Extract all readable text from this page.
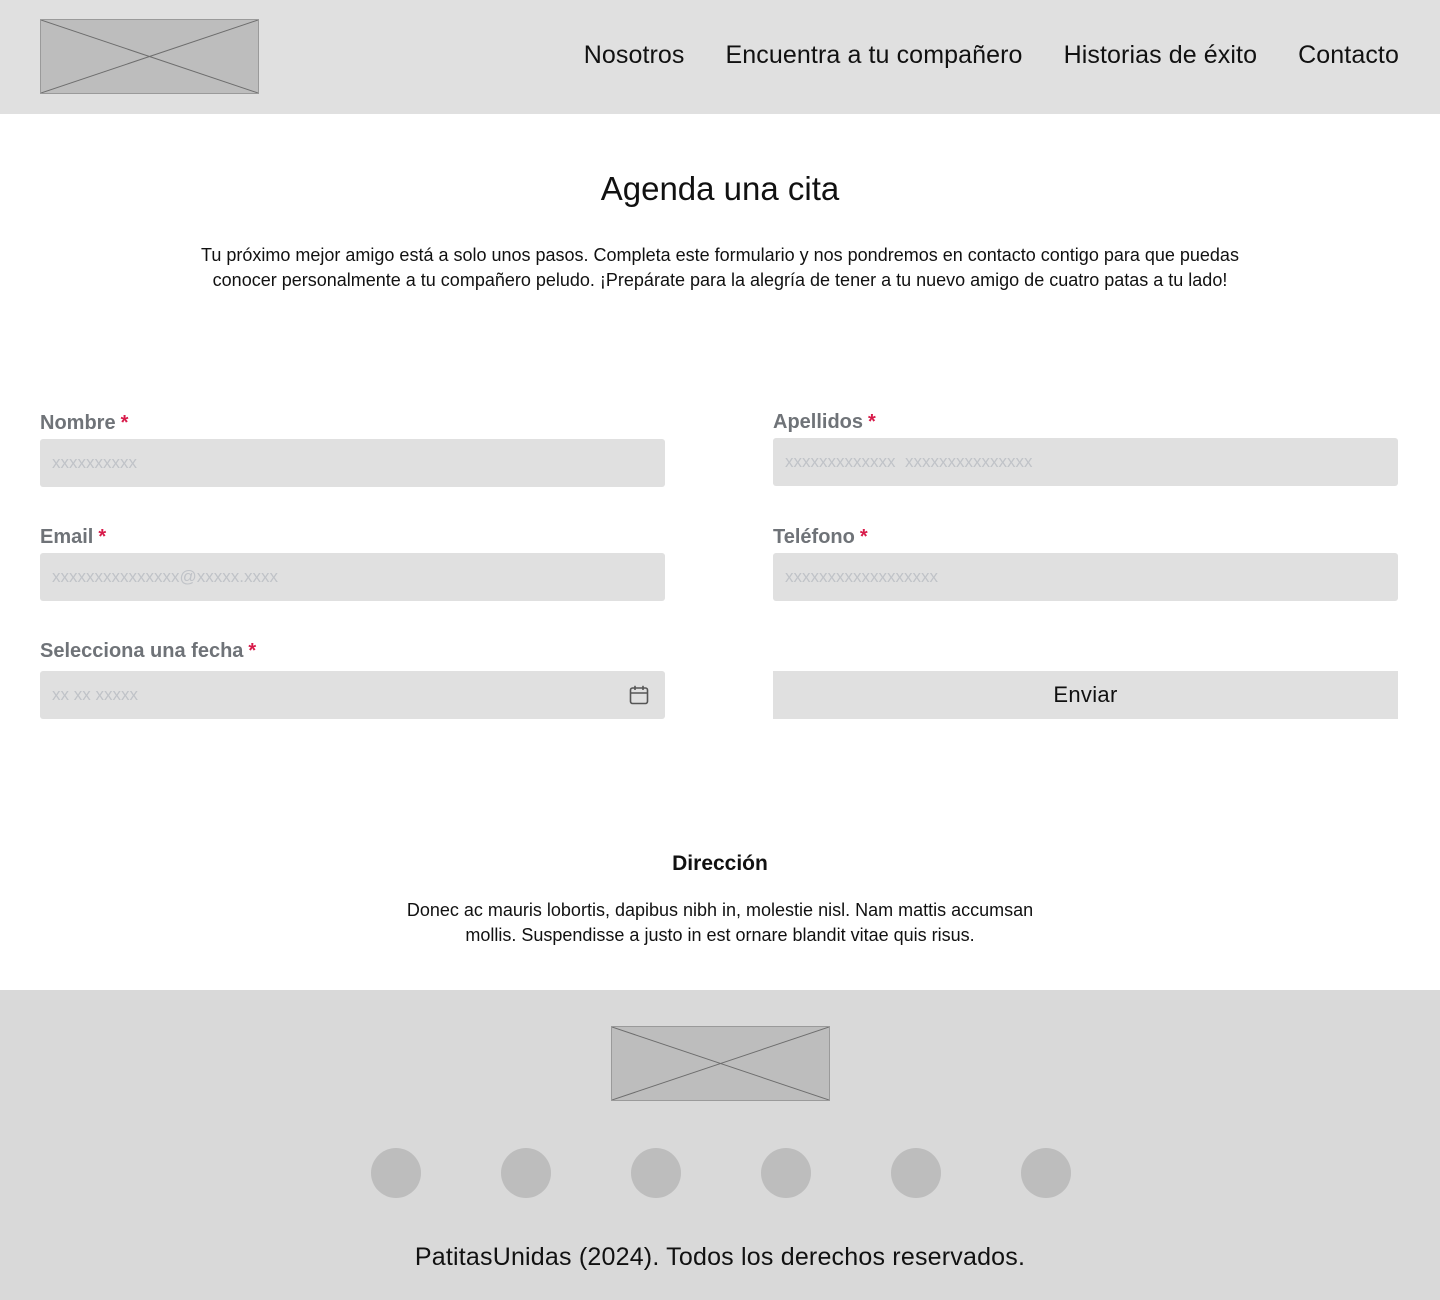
Nosotros Encuentra a tu compañero Historias de éxito Contacto
Agenda una cita

Tu próximo mejor amigo está a solo unos pasos. Completa este formulario y nos pondremos en contacto contigo para que puedas conocer personalmente a tu compañero peludo. ¡Prepárate para la alegría de tener a tu nuevo amigo de cuatro patas a tu lado!

Nombre *
xxxxxxxxxx	Apellidos *
xxxxxxxxxxxxx xxxxxxxxxxxxxxx
Email *
xxxxxxxxxxxxxxx@xxxxx.xxxx	Teléfono *
xxxxxxxxxxxxxxxxxx
Selecciona una fecha *
xx xx xxxxx
Enviar
Dirección

Donec ac mauris lobortis, dapibus nibh in, molestie nisl. Nam mattis accumsan mollis. Suspendisse a justo in est ornare blandit vitae quis risus.

PatitasUnidas (2024). Todos los derechos reservados.
